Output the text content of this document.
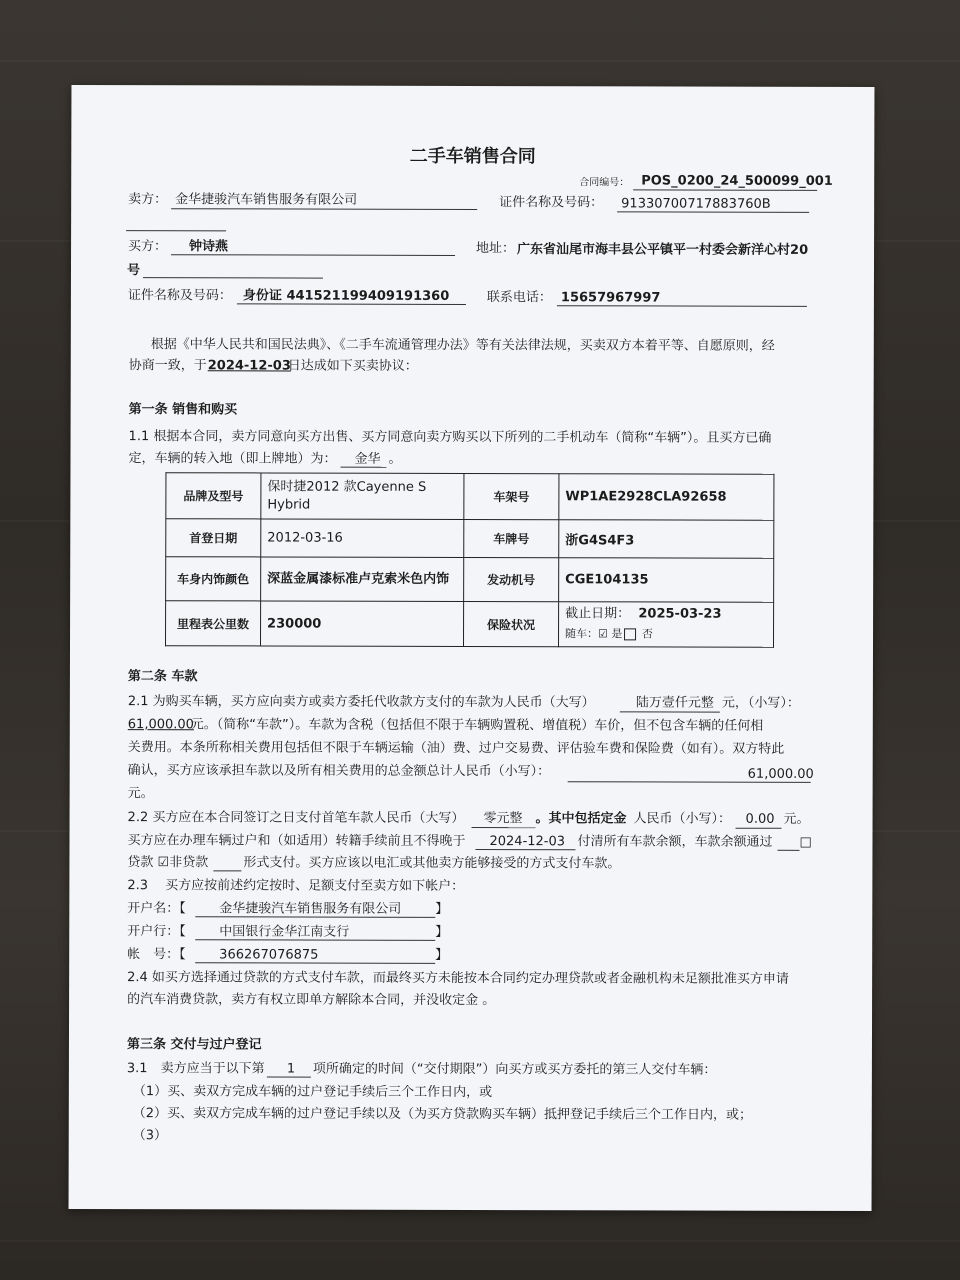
二手车销售合同
合同编号： POS_0200_24_500099_001
卖方： 金华捷骏汽车销售服务有限公司	证件名称及号码： 91330700717883760B
买方： 钟诗燕	地址： 广东省汕尾市海丰县公平镇平一村委会新洋心村20
号
证件名称及号码： 身份证 441521199409191360	联系电话： 15657967997
根据《中华人民共和国民法典》、《二手车流通管理办法》等有关法律法规，买卖双方本着平等、自愿原则，经
协商一致，于 2024-12-03
日达成如下买卖协议：
第一条 销售和购买
1.1 根据本合同，卖方同意向买方出售、买方同意向卖方购买以下所列的二手机动车（简称“车辆”）。且买方已确
定，车辆的转入地（即上牌地）为： 金华 。
品牌及型号	保时捷2012 款Cayenne S Hybrid	车架号	WP1AE2928CLA92658
首登日期	2012-03-16	车牌号	浙G4S4F3
车身内饰颜色	深蓝金属漆标准卢克索米色内饰	发动机号	CGE104135
里程表公里数	230000	保险状况	截止日期： 2025-03-23
随车：☑ 是 否
第二条 车款
2.1 为购买车辆，买方应向卖方或卖方委托代收款方支付的车款为人民币（大写）	陆万壹仟元整 元，（小写）：
61,000.00
元。（简称“车款”）。车款为含税（包括但不限于车辆购置税、增值税）车价，但不包含车辆的任何相
关费用。本条所称相关费用包括但不限于车辆运输（油）费、过户交易费、评估验车费和保险费（如有）。双方特此
确认，买方应该承担车款以及所有相关费用的总金额总计人民币（小写）：	61,000.00
元。
2.2 买方应在本合同签订之日支付首笔车款人民币（大写） 零元整 。其中包括定金 人民币（小写）： 0.00 元。
买方应在办理车辆过户和（如适用）转籍手续前且不得晚于 2024-12-03 付清所有车款余额，车款余额通过 □
贷款 ☑非贷款	形式支付。买方应该以电汇或其他卖方能够接受的方式支付车款。
2.3　 买方应按前述约定按时、足额支付至卖方如下帐户：
开户名：【	金华捷骏汽车销售服务有限公司	】
开户行：【	中国银行金华江南支行	】
帐　号：【	366267076875	】
2.4 如买方选择通过贷款的方式支付车款，而最终买方未能按本合同约定办理贷款或者金融机构未足额批准买方申请
的汽车消费贷款，卖方有权立即单方解除本合同，并没收定金 。
第三条 交付与过户登记
3.1　卖方应当于以下第 1 项所确定的时间（“交付期限”）向买方或买方委托的第三人交付车辆：
（1）买、卖双方完成车辆的过户登记手续后三个工作日内，或
（2）买、卖双方完成车辆的过户登记手续以及（为买方贷款购买车辆）抵押登记手续后三个工作日内，或；
（3）
